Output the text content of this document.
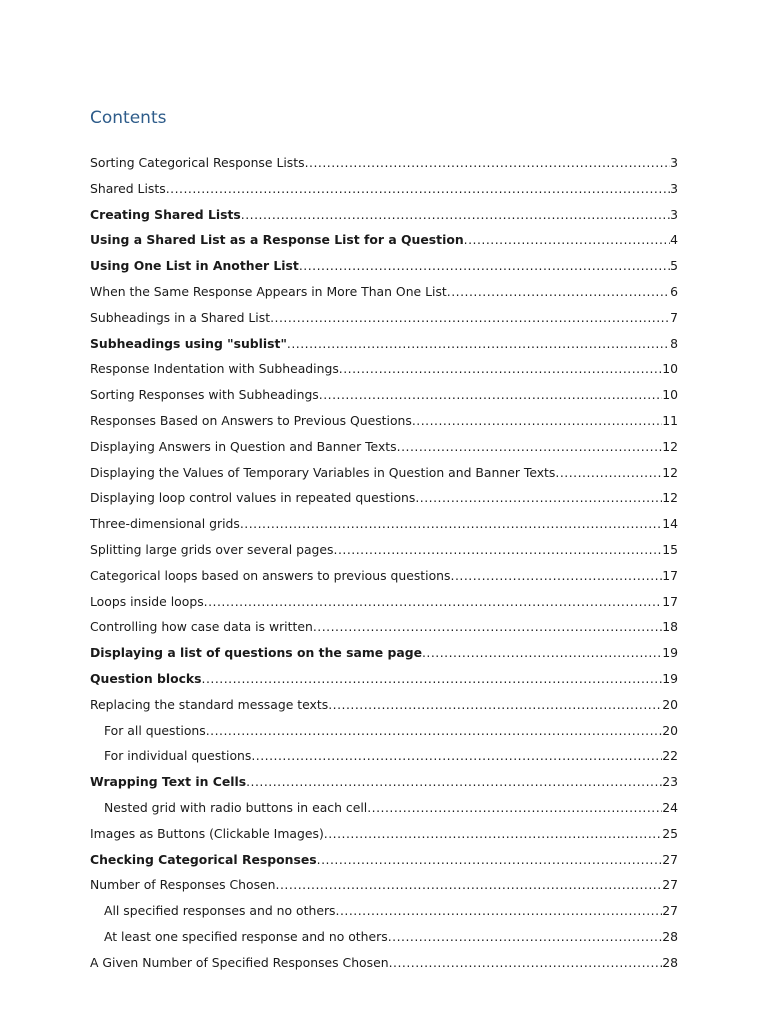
Contents
Sorting Categorical Response Lists .....	3
Shared Lists .....	3
Creating Shared Lists .....	3
Using a Shared List as a Response List for a Question .....	4
Using One List in Another List .....	5
When the Same Response Appears in More Than One List .....	6
Subheadings in a Shared List .....	7
Subheadings using "sublist" .....	8
Response Indentation with Subheadings .....	10
Sorting Responses with Subheadings .....	10
Responses Based on Answers to Previous Questions .....	11
Displaying Answers in Question and Banner Texts .....	12
Displaying the Values of Temporary Variables in Question and Banner Texts .....	12
Displaying loop control values in repeated questions .....	12
Three-dimensional grids .....	14
Splitting large grids over several pages .....	15
Categorical loops based on answers to previous questions .....	17
Loops inside loops .....	17
Controlling how case data is written .....	18
Displaying a list of questions on the same page .....	19
Question blocks .....	19
Replacing the standard message texts .....	20
For all questions .....	20
For individual questions .....	22
Wrapping Text in Cells .....	23
Nested grid with radio buttons in each cell .....	24
Images as Buttons (Clickable Images) .....	25
Checking Categorical Responses .....	27
Number of Responses Chosen .....	27
All specified responses and no others .....	27
At least one specified response and no others .....	28
A Given Number of Specified Responses Chosen .....	28
